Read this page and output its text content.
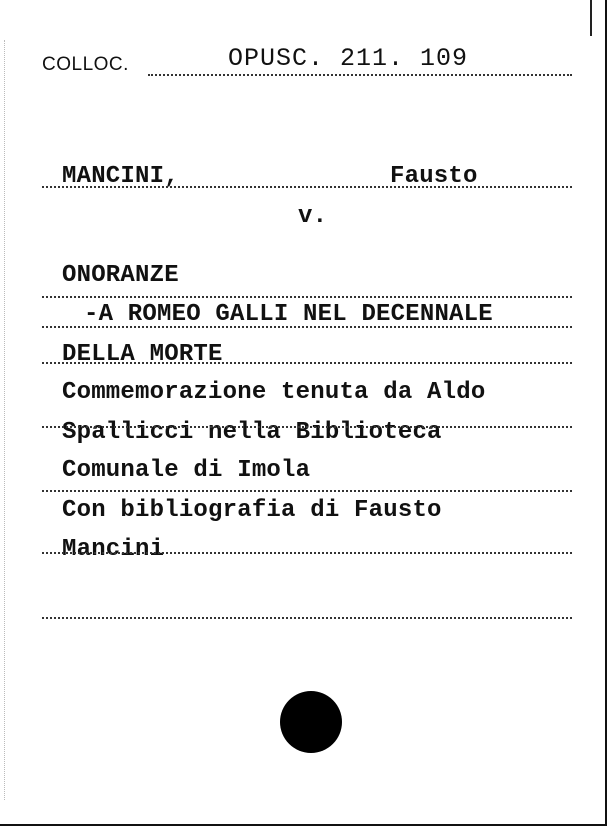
COLLOC.	OPUSC. 211. 109
MANCINI,	Fausto
v.
ONORANZE
-A ROMEO GALLI NEL DECENNALE
DELLA MORTE
Commemorazione tenuta da Aldo
Spallicci nella Biblioteca
Comunale di Imola
Con bibliografia di Fausto
Mancini
